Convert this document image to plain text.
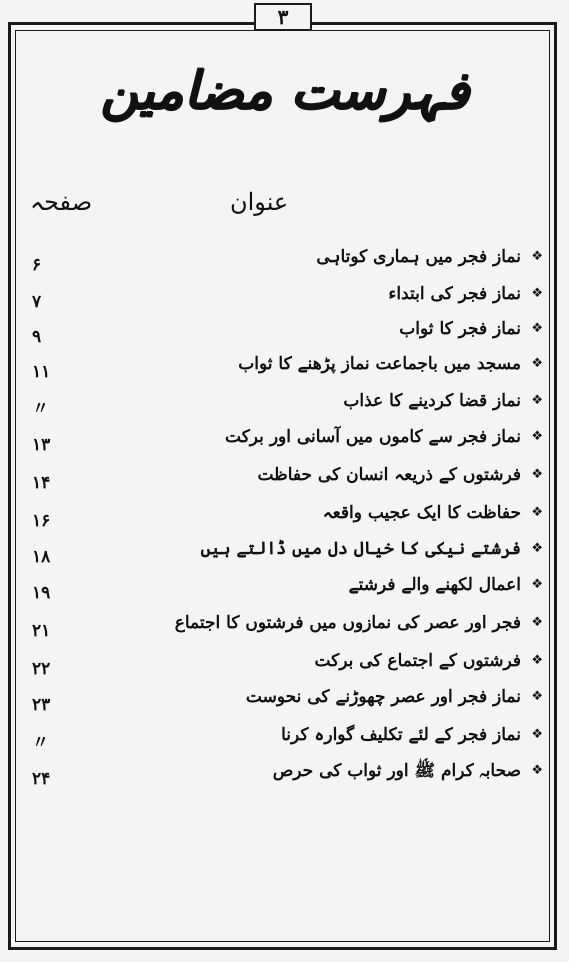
۳
فہرست مضامین
عنوان
صفحہ
❖
نماز فجر میں ہماری کوتاہی
۶
❖
نماز فجر کی ابتداء
۷
❖
نماز فجر کا ثواب
۹
❖
مسجد میں باجماعت نماز پڑھنے کا ثواب
۱۱
❖
نماز قضا کردینے کا عذاب
〃
❖
نماز فجر سے کاموں میں آسانی اور برکت
۱۳
❖
فرشتوں کے ذریعہ انسان کی حفاظت
۱۴
❖
حفاظت کا ایک عجیب واقعہ
۱۶
❖
فرشتے نیکی کا خیال دل میں ڈالتے ہیں
۱۸
❖
اعمال لکھنے والے فرشتے
۱۹
❖
فجر اور عصر کی نمازوں میں فرشتوں کا اجتماع
۲۱
❖
فرشتوں کے اجتماع کی برکت
۲۲
❖
نماز فجر اور عصر چھوڑنے کی نحوست
۲۳
❖
نماز فجر کے لئے تکلیف گوارہ کرنا
〃
❖
صحابہ کرام ﷺ اور ثواب کی حرص
۲۴
